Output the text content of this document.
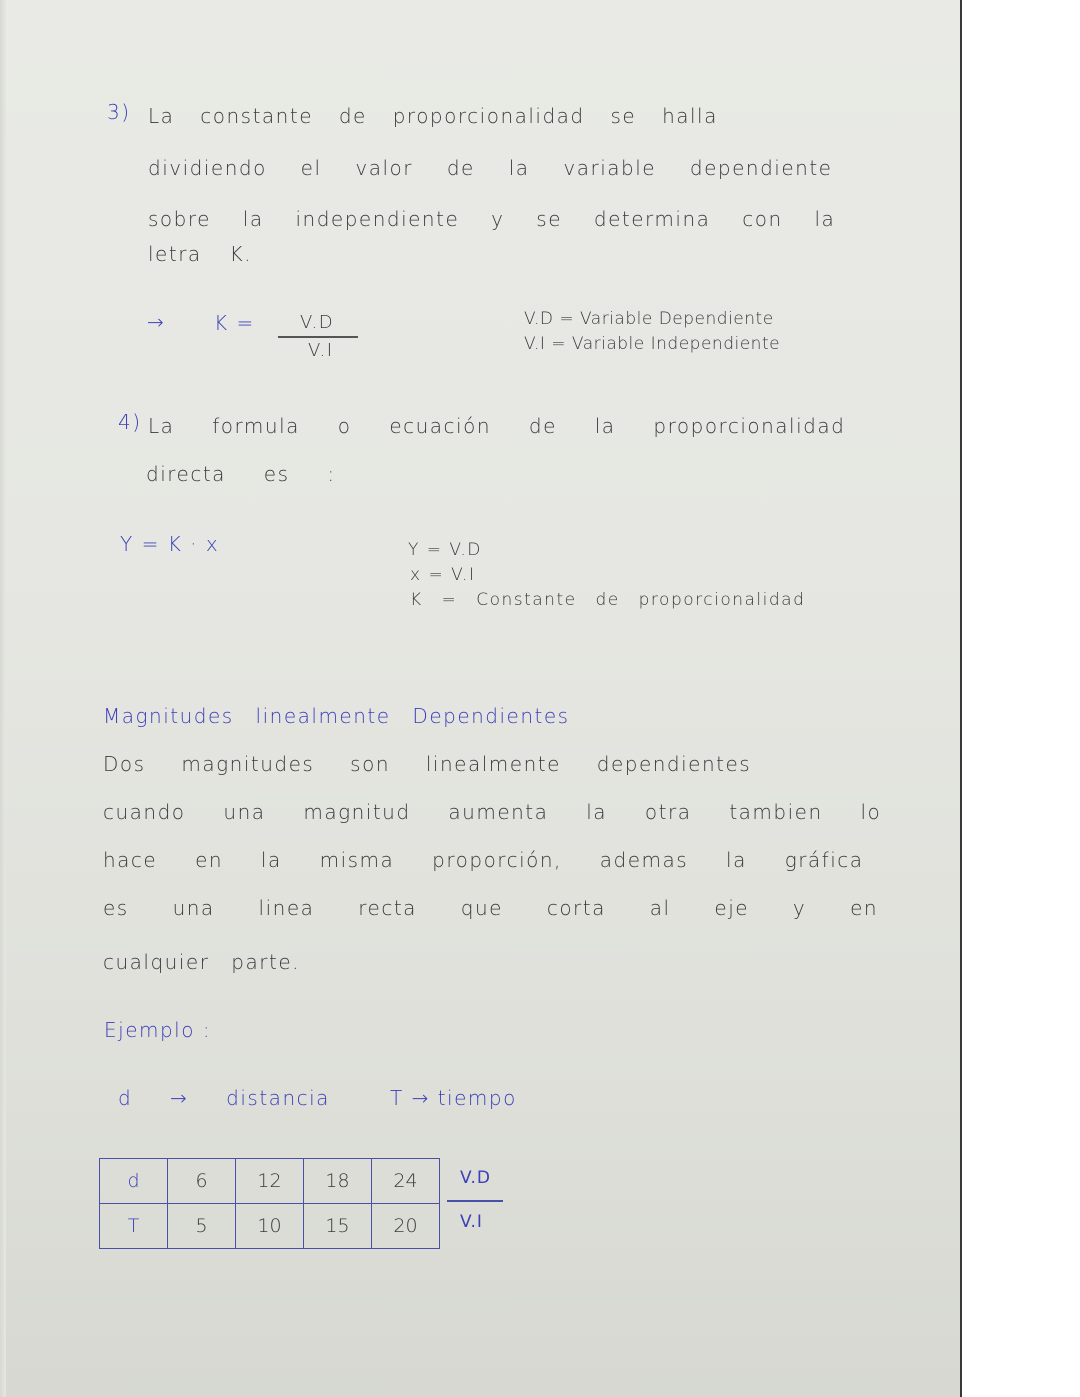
3) La constante de proporcionalidad se halla
dividiendo el valor de la variable dependiente
sobre la independiente y se determina con la
letra K.
→ K =	V.D
V.I
V.D = Variable Dependiente
V.I = Variable Independiente
4) La formula o ecuación de la proporcionalidad
directa es :
Y = K · x	Y = V.D
x = V.I
K = Constante de proporcionalidad
Magnitudes linealmente Dependientes
Dos magnitudes son linealmente dependientes
cuando una magnitud aumenta la otra tambien lo
hace en la misma proporción, ademas la gráfica
es una linea recta que corta al eje y en
cualquier parte.
Ejemplo :
d → distancia	T → tiempo
d	6	12	18	24
T	5	10	15	20
V.D
V.I
